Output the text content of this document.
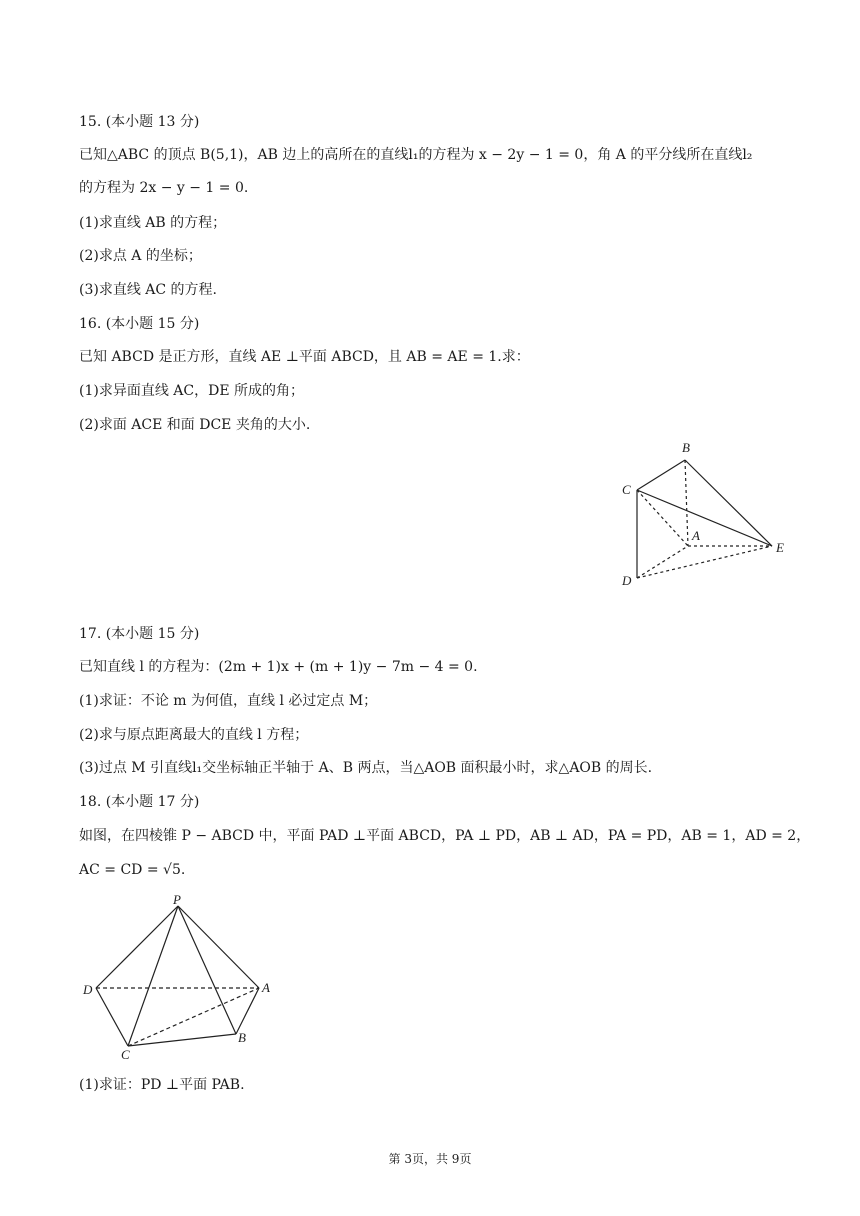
15. (本小题 13 分)
已知△ABC 的顶点 B(5,1)，AB 边上的高所在的直线l₁的方程为 x − 2y − 1 = 0，角 A 的平分线所在直线l₂
的方程为 2x − y − 1 = 0.
(1)求直线 AB 的方程；
(2)求点 A 的坐标；
(3)求直线 AC 的方程.
16. (本小题 15 分)
已知 ABCD 是正方形，直线 AE ⊥平面 ABCD，且 AB = AE = 1.求：
(1)求异面直线 AC，DE 所成的角；
(2)求面 ACE 和面 DCE 夹角的大小.
B
C
A
E
D
17. (本小题 15 分)
已知直线 l 的方程为：(2m + 1)x + (m + 1)y − 7m − 4 = 0.
(1)求证：不论 m 为何值，直线 l 必过定点 M；
(2)求与原点距离最大的直线 l 方程；
(3)过点 M 引直线l₁交坐标轴正半轴于 A、B 两点，当△AOB 面积最小时，求△AOB 的周长.
18. (本小题 17 分)
如图，在四棱锥 P − ABCD 中，平面 PAD ⊥平面 ABCD，PA ⊥ PD，AB ⊥ AD，PA = PD，AB = 1，AD = 2，
AC = CD = √5.
P
D	A
C
B
(1)求证：PD ⊥平面 PAB.
第 3页，共 9页
